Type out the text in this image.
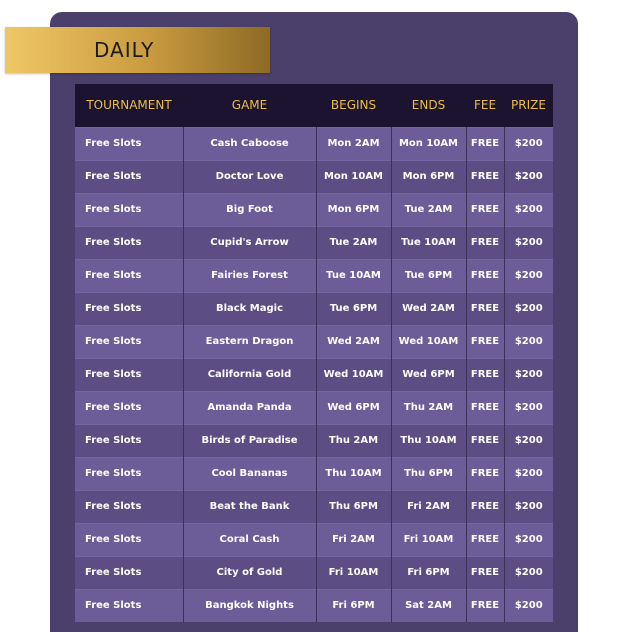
DAILY
TOURNAMENT	GAME	BEGINS	ENDS	FEE	PRIZE
Free Slots	Cash Caboose	Mon 2AM	Mon 10AM	FREE	$200
Free Slots	Doctor Love	Mon 10AM	Mon 6PM	FREE	$200
Free Slots	Big Foot	Mon 6PM	Tue 2AM	FREE	$200
Free Slots	Cupid's Arrow	Tue 2AM	Tue 10AM	FREE	$200
Free Slots	Fairies Forest	Tue 10AM	Tue 6PM	FREE	$200
Free Slots	Black Magic	Tue 6PM	Wed 2AM	FREE	$200
Free Slots	Eastern Dragon	Wed 2AM	Wed 10AM	FREE	$200
Free Slots	California Gold	Wed 10AM	Wed 6PM	FREE	$200
Free Slots	Amanda Panda	Wed 6PM	Thu 2AM	FREE	$200
Free Slots	Birds of Paradise	Thu 2AM	Thu 10AM	FREE	$200
Free Slots	Cool Bananas	Thu 10AM	Thu 6PM	FREE	$200
Free Slots	Beat the Bank	Thu 6PM	Fri 2AM	FREE	$200
Free Slots	Coral Cash	Fri 2AM	Fri 10AM	FREE	$200
Free Slots	City of Gold	Fri 10AM	Fri 6PM	FREE	$200
Free Slots	Bangkok Nights	Fri 6PM	Sat 2AM	FREE	$200
